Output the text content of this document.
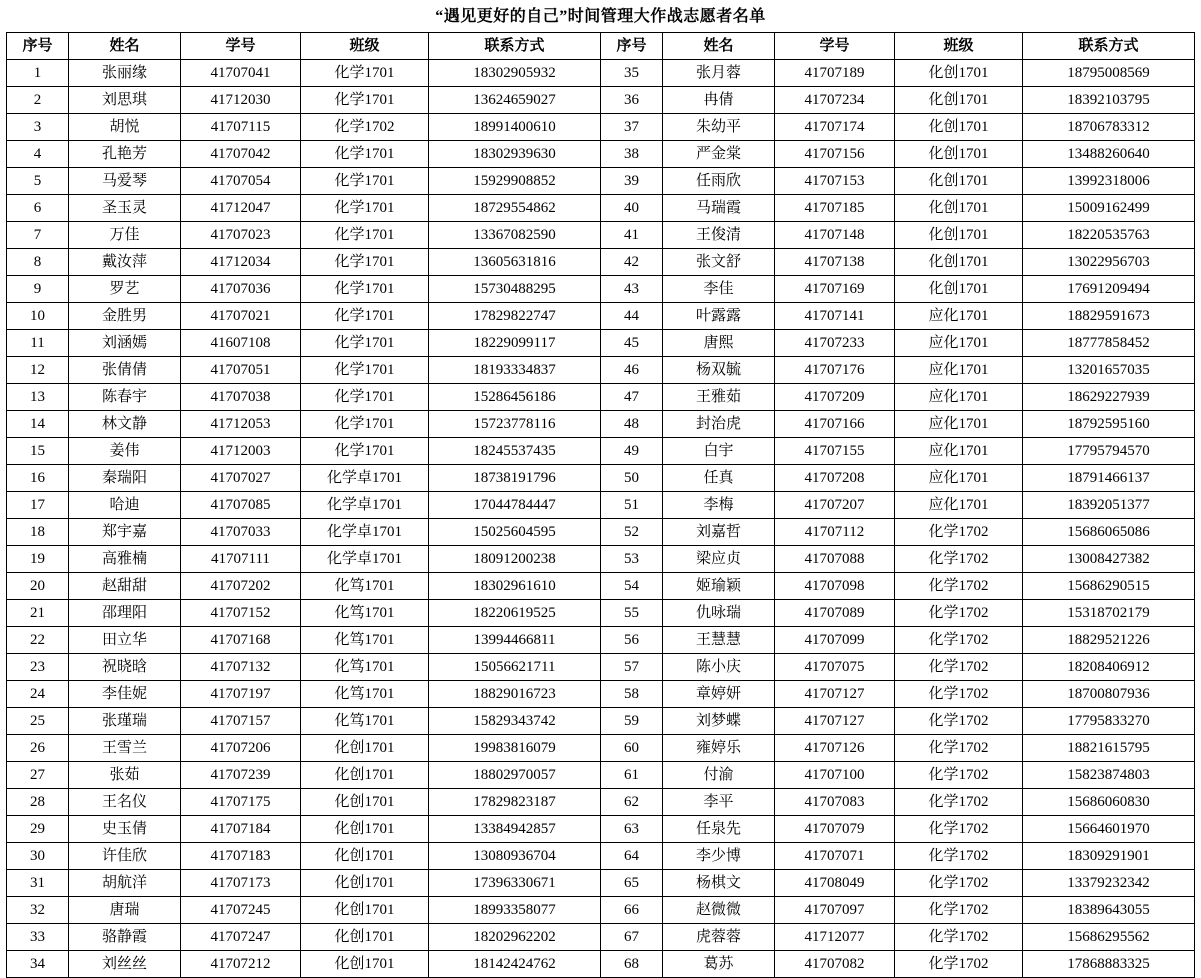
“遇见更好的自己”时间管理大作战志愿者名单
序号	姓名	学号	班级	联系方式	序号	姓名	学号	班级	联系方式
1	张丽缘	41707041	化学1701	18302905932	35	张月蓉	41707189	化创1701	18795008569
2	刘思琪	41712030	化学1701	13624659027	36	冉倩	41707234	化创1701	18392103795
3	胡悦	41707115	化学1702	18991400610	37	朱幼平	41707174	化创1701	18706783312
4	孔艳芳	41707042	化学1701	18302939630	38	严金棠	41707156	化创1701	13488260640
5	马爱琴	41707054	化学1701	15929908852	39	任雨欣	41707153	化创1701	13992318006
6	圣玉灵	41712047	化学1701	18729554862	40	马瑞霞	41707185	化创1701	15009162499
7	万佳	41707023	化学1701	13367082590	41	王俊清	41707148	化创1701	18220535763
8	戴汝萍	41712034	化学1701	13605631816	42	张文舒	41707138	化创1701	13022956703
9	罗艺	41707036	化学1701	15730488295	43	李佳	41707169	化创1701	17691209494
10	金胜男	41707021	化学1701	17829822747	44	叶露露	41707141	应化1701	18829591673
11	刘涵嫣	41607108	化学1701	18229099117	45	唐熙	41707233	应化1701	18777858452
12	张倩倩	41707051	化学1701	18193334837	46	杨双毓	41707176	应化1701	13201657035
13	陈春宇	41707038	化学1701	15286456186	47	王雅茹	41707209	应化1701	18629227939
14	林文静	41712053	化学1701	15723778116	48	封治虎	41707166	应化1701	18792595160
15	姜伟	41712003	化学1701	18245537435	49	白宇	41707155	应化1701	17795794570
16	秦瑞阳	41707027	化学卓1701	18738191796	50	任真	41707208	应化1701	18791466137
17	哈迪	41707085	化学卓1701	17044784447	51	李梅	41707207	应化1701	18392051377
18	郑宇嘉	41707033	化学卓1701	15025604595	52	刘嘉哲	41707112	化学1702	15686065086
19	高雅楠	41707111	化学卓1701	18091200238	53	梁应贞	41707088	化学1702	13008427382
20	赵甜甜	41707202	化笃1701	18302961610	54	姬瑜颖	41707098	化学1702	15686290515
21	邵理阳	41707152	化笃1701	18220619525	55	仇咏瑞	41707089	化学1702	15318702179
22	田立华	41707168	化笃1701	13994466811	56	王慧慧	41707099	化学1702	18829521226
23	祝晓晗	41707132	化笃1701	15056621711	57	陈小庆	41707075	化学1702	18208406912
24	李佳妮	41707197	化笃1701	18829016723	58	章婷妍	41707127	化学1702	18700807936
25	张瑾瑞	41707157	化笃1701	15829343742	59	刘梦蝶	41707127	化学1702	17795833270
26	王雪兰	41707206	化创1701	19983816079	60	雍婷乐	41707126	化学1702	18821615795
27	张茹	41707239	化创1701	18802970057	61	付渝	41707100	化学1702	15823874803
28	王名仪	41707175	化创1701	17829823187	62	李平	41707083	化学1702	15686060830
29	史玉倩	41707184	化创1701	13384942857	63	任泉先	41707079	化学1702	15664601970
30	许佳欣	41707183	化创1701	13080936704	64	李少博	41707071	化学1702	18309291901
31	胡航洋	41707173	化创1701	17396330671	65	杨棋文	41708049	化学1702	13379232342
32	唐瑞	41707245	化创1701	18993358077	66	赵微微	41707097	化学1702	18389643055
33	骆静霞	41707247	化创1701	18202962202	67	虎蓉蓉	41712077	化学1702	15686295562
34	刘丝丝	41707212	化创1701	18142424762	68	葛苏	41707082	化学1702	17868883325
